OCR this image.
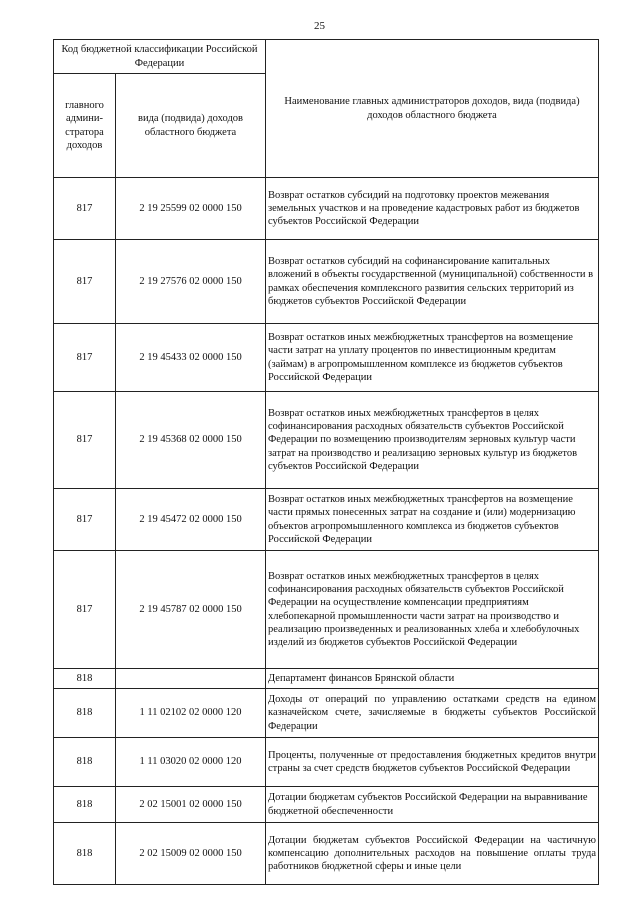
25
Код бюджетной классификации Российской Федерации		Наименование главных администраторов доходов, вида (подвида) доходов областного бюджета
главного админи-стратора доходов	вида (подвида) доходов областного бюджета	
817	2 19 25599 02 0000 150	Возврат остатков субсидий на подготовку проектов межевания земельных участков и на проведение кадастровых работ из бюджетов субъектов Российской Федерации
817	2 19 27576 02 0000 150	Возврат остатков субсидий на софинансирование капитальных вложений в объекты государственной (муниципальной) собственности в рамках обеспечения комплексного развития сельских территорий из бюджетов субъектов Российской Федерации
817	2 19 45433 02 0000 150	Возврат остатков иных межбюджетных трансфертов на возмещение части затрат на уплату процентов по инвестиционным кредитам (займам) в агропромышленном комплексе из бюджетов субъектов Российской Федерации
817	2 19 45368 02 0000 150	Возврат остатков иных межбюджетных трансфертов в целях софинансирования расходных обязательств субъектов Российской Федерации по возмещению производителям зерновых культур части затрат на производство и реализацию зерновых культур из бюджетов субъектов Российской Федерации
817	2 19 45472 02 0000 150	Возврат остатков иных межбюджетных трансфертов на возмещение части прямых понесенных затрат на создание и (или) модернизацию объектов агропромышленного комплекса из бюджетов субъектов Российской Федерации
817	2 19 45787 02 0000 150	Возврат остатков иных межбюджетных трансфертов в целях софинансирования расходных обязательств субъектов Российской Федерации на осуществление компенсации предприятиям хлебопекарной промышленности части затрат на производство и реализацию произведенных и реализованных хлеба и хлебобулочных изделий из бюджетов субъектов Российской Федерации
818		Департамент финансов Брянской области
818	1 11 02102 02 0000 120	Доходы от операций по управлению остатками средств на едином казначейском счете, зачисляемые в бюджеты субъектов Российской Федерации
818	1 11 03020 02 0000 120	Проценты, полученные от предоставления бюджетных кредитов внутри страны за счет средств бюджетов субъектов Российской Федерации
818	2 02 15001 02 0000 150	Дотации бюджетам субъектов Российской Федерации на выравнивание бюджетной обеспеченности
818	2 02 15009 02 0000 150	Дотации бюджетам субъектов Российской Федерации на частичную компенсацию дополнительных расходов на повышение оплаты труда работников бюджетной сферы и иные цели
